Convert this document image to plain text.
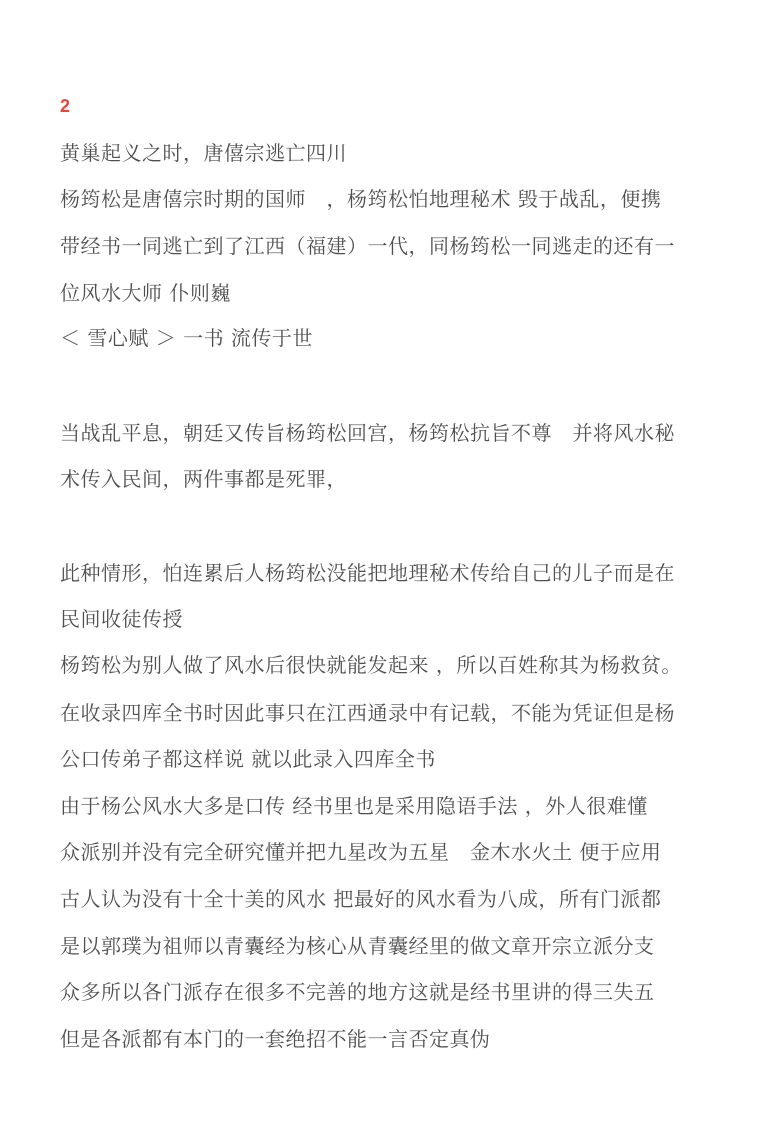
2
黄巢起义之时，唐僖宗逃亡四川
杨筠松是唐僖宗时期的国师　，杨筠松怕地理秘术 毁于战乱，便携
带经书一同逃亡到了江西（福建）一代，同杨筠松一同逃走的还有一
位风水大师 仆则巍
＜ 雪心赋 ＞ 一书 流传于世
当战乱平息，朝廷又传旨杨筠松回宫，杨筠松抗旨不尊　并将风水秘
术传入民间，两件事都是死罪，
此种情形，怕连累后人杨筠松没能把地理秘术传给自己的儿子而是在
民间收徒传授
杨筠松为别人做了风水后很快就能发起来 ，所以百姓称其为杨救贫。
在收录四库全书时因此事只在江西通录中有记载，不能为凭证但是杨
公口传弟子都这样说 就以此录入四库全书
由于杨公风水大多是口传 经书里也是采用隐语手法 ，外人很难懂
众派别并没有完全研究懂并把九星改为五星　金木水火土 便于应用
古人认为没有十全十美的风水 把最好的风水看为八成，所有门派都
是以郭璞为祖师以青囊经为核心从青囊经里的做文章开宗立派分支
众多所以各门派存在很多不完善的地方这就是经书里讲的得三失五
但是各派都有本门的一套绝招不能一言否定真伪
